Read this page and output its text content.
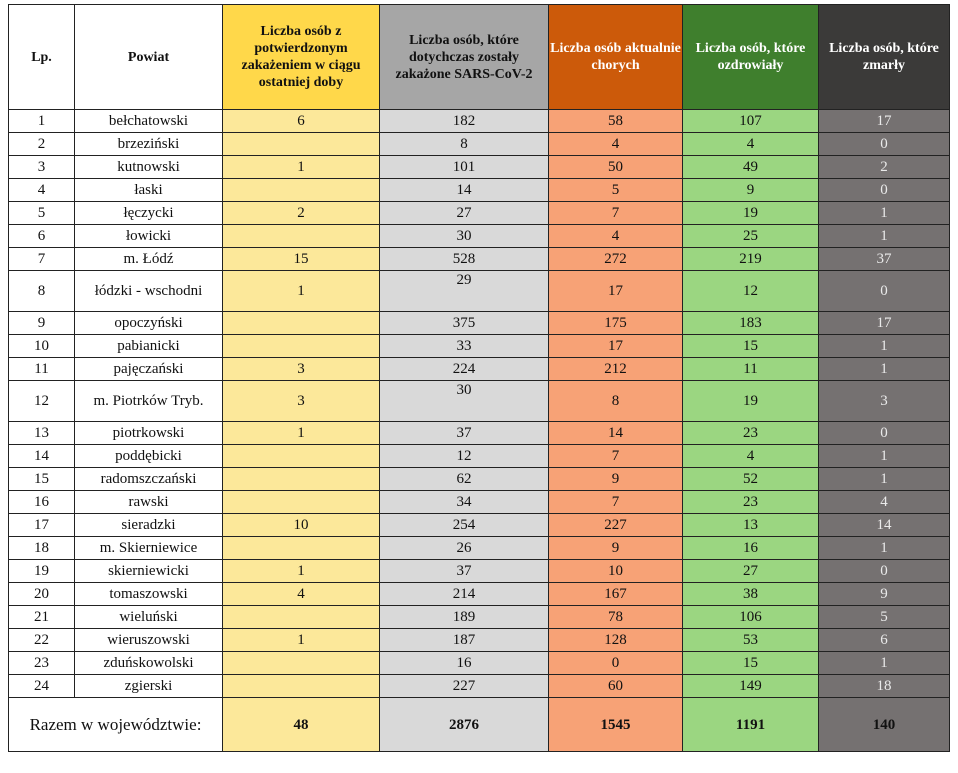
Lp.	Powiat	Liczba osób z potwierdzonym zakażeniem w ciągu ostatniej doby	Liczba osób, które dotychczas zostały zakażone SARS-CoV-2	Liczba osób aktualnie chorych	Liczba osób, które ozdrowiały	Liczba osób, które zmarły
1	bełchatowski	6	182	58	107	17
2	brzeziński		8	4	4	0
3	kutnowski	1	101	50	49	2
4	łaski		14	5	9	0
5	łęczycki	2	27	7	19	1
6	łowicki		30	4	25	1
7	m. Łódź	15	528	272	219	37
8	łódzki - wschodni	1	29	17	12	0
9	opoczyński		375	175	183	17
10	pabianicki		33	17	15	1
11	pajęczański	3	224	212	11	1
12	m. Piotrków Tryb.	3	30	8	19	3
13	piotrkowski	1	37	14	23	0
14	poddębicki		12	7	4	1
15	radomszczański		62	9	52	1
16	rawski		34	7	23	4
17	sieradzki	10	254	227	13	14
18	m. Skierniewice		26	9	16	1
19	skierniewicki	1	37	10	27	0
20	tomaszowski	4	214	167	38	9
21	wieluński		189	78	106	5
22	wieruszowski	1	187	128	53	6
23	zduńskowolski		16	0	15	1
24	zgierski		227	60	149	18
Razem w województwie:		48	2876	1545	1191	140
